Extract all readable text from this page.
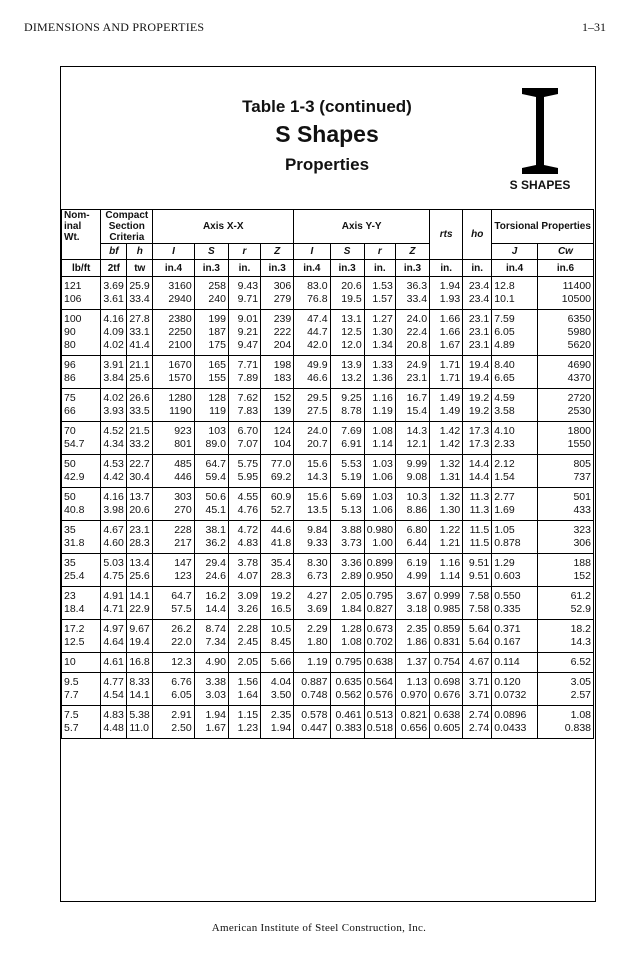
DIMENSIONS AND PROPERTIES	1–31
Table 1-3 (continued)
S Shapes
Properties
S SHAPES
Nom-inal Wt.	Compact Section Criteria		Axis X-X				Axis Y-Y				rts	ho	Torsional Properties	
	bf	h	I	S	r	Z	I	S	r	Z			J	Cw
lb/ft	2tf	tw	in.4	in.3	in.	in.3	in.4	in.3	in.	in.3	in.	in.	in.4	in.6
121	3.69	25.9	3160	258	9.43	306	83.0	20.6	1.53	36.3	1.94	23.4	12.8	11400
106	3.61	33.4	2940	240	9.71	279	76.8	19.5	1.57	33.4	1.93	23.4	10.1	10500
100	4.16	27.8	2380	199	9.01	239	47.4	13.1	1.27	24.0	1.66	23.1	7.59	6350
90	4.09	33.1	2250	187	9.21	222	44.7	12.5	1.30	22.4	1.66	23.1	6.05	5980
80	4.02	41.4	2100	175	9.47	204	42.0	12.0	1.34	20.8	1.67	23.1	4.89	5620
96	3.91	21.1	1670	165	7.71	198	49.9	13.9	1.33	24.9	1.71	19.4	8.40	4690
86	3.84	25.6	1570	155	7.89	183	46.6	13.2	1.36	23.1	1.71	19.4	6.65	4370
75	4.02	26.6	1280	128	7.62	152	29.5	9.25	1.16	16.7	1.49	19.2	4.59	2720
66	3.93	33.5	1190	119	7.83	139	27.5	8.78	1.19	15.4	1.49	19.2	3.58	2530
70	4.52	21.5	923	103	6.70	124	24.0	7.69	1.08	14.3	1.42	17.3	4.10	1800
54.7	4.34	33.2	801	89.0	7.07	104	20.7	6.91	1.14	12.1	1.42	17.3	2.33	1550
50	4.53	22.7	485	64.7	5.75	77.0	15.6	5.53	1.03	9.99	1.32	14.4	2.12	805
42.9	4.42	30.4	446	59.4	5.95	69.2	14.3	5.19	1.06	9.08	1.31	14.4	1.54	737
50	4.16	13.7	303	50.6	4.55	60.9	15.6	5.69	1.03	10.3	1.32	11.3	2.77	501
40.8	3.98	20.6	270	45.1	4.76	52.7	13.5	5.13	1.06	8.86	1.30	11.3	1.69	433
35	4.67	23.1	228	38.1	4.72	44.6	9.84	3.88	0.980	6.80	1.22	11.5	1.05	323
31.8	4.60	28.3	217	36.2	4.83	41.8	9.33	3.73	1.00	6.44	1.21	11.5	0.878	306
35	5.03	13.4	147	29.4	3.78	35.4	8.30	3.36	0.899	6.19	1.16	9.51	1.29	188
25.4	4.75	25.6	123	24.6	4.07	28.3	6.73	2.89	0.950	4.99	1.14	9.51	0.603	152
23	4.91	14.1	64.7	16.2	3.09	19.2	4.27	2.05	0.795	3.67	0.999	7.58	0.550	61.2
18.4	4.71	22.9	57.5	14.4	3.26	16.5	3.69	1.84	0.827	3.18	0.985	7.58	0.335	52.9
17.2	4.97	9.67	26.2	8.74	2.28	10.5	2.29	1.28	0.673	2.35	0.859	5.64	0.371	18.2
12.5	4.64	19.4	22.0	7.34	2.45	8.45	1.80	1.08	0.702	1.86	0.831	5.64	0.167	14.3
10	4.61	16.8	12.3	4.90	2.05	5.66	1.19	0.795	0.638	1.37	0.754	4.67	0.114	6.52
9.5	4.77	8.33	6.76	3.38	1.56	4.04	0.887	0.635	0.564	1.13	0.698	3.71	0.120	3.05
7.7	4.54	14.1	6.05	3.03	1.64	3.50	0.748	0.562	0.576	0.970	0.676	3.71	0.0732	2.57
7.5	4.83	5.38	2.91	1.94	1.15	2.35	0.578	0.461	0.513	0.821	0.638	2.74	0.0896	1.08
5.7	4.48	11.0	2.50	1.67	1.23	1.94	0.447	0.383	0.518	0.656	0.605	2.74	0.0433	0.838
American Institute of Steel Construction, Inc.
